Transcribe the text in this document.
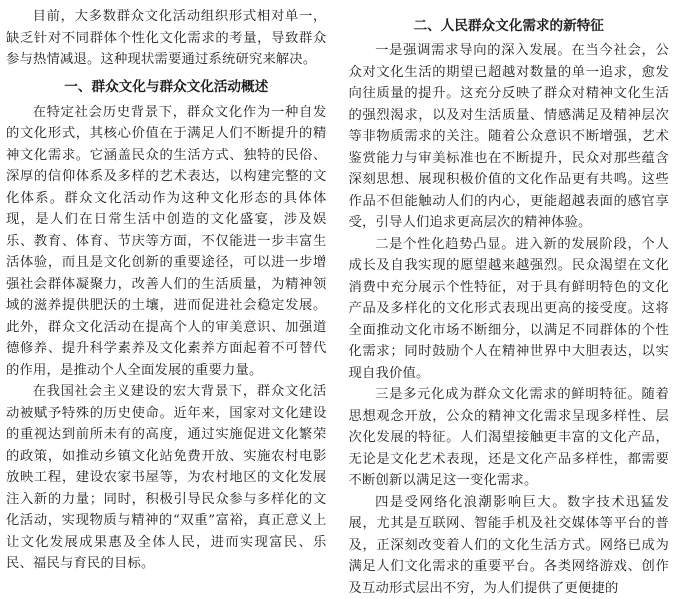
目前，大多数群众文化活动组织形式相对单一，缺乏针对不同群体个性化文化需求的考量，导致群众参与热情减退。这种现状需要通过系统研究来解决。

一、群众文化与群众文化活动概述

在特定社会历史背景下，群众文化作为一种自发的文化形式，其核心价值在于满足人们不断提升的精神文化需求。它涵盖民众的生活方式、独特的民俗、深厚的信仰体系及多样的艺术表达，以构建完整的文化体系。群众文化活动作为这种文化形态的具体体现，是人们在日常生活中创造的文化盛宴，涉及娱乐、教育、体育、节庆等方面，不仅能进一步丰富生活体验，而且是文化创新的重要途径，可以进一步增强社会群体凝聚力，改善人们的生活质量，为精神领域的滋养提供肥沃的土壤，进而促进社会稳定发展。此外，群众文化活动在提高个人的审美意识、加强道德修养、提升科学素养及文化素养方面起着不可替代的作用，是推动个人全面发展的重要力量。

在我国社会主义建设的宏大背景下，群众文化活动被赋予特殊的历史使命。近年来，国家对文化建设的重视达到前所未有的高度，通过实施促进文化繁荣的政策，如推动乡镇文化站免费开放、实施农村电影放映工程，建设农家书屋等，为农村地区的文化发展注入新的力量；同时，积极引导民众参与多样化的文化活动，实现物质与精神的“双重”富裕，真正意义上让文化发展成果惠及全体人民，进而实现富民、乐民、福民与育民的目标。

二、人民群众文化需求的新特征

一是强调需求导向的深入发展。在当今社会，公众对文化生活的期望已超越对数量的单一追求，愈发向往质量的提升。这充分反映了群众对精神文化生活的强烈渴求，以及对生活质量、情感满足及精神层次等非物质需求的关注。随着公众意识不断增强，艺术鉴赏能力与审美标准也在不断提升，民众对那些蕴含深刻思想、展现积极价值的文化作品更有共鸣。这些作品不但能触动人们的内心，更能超越表面的感官享受，引导人们追求更高层次的精神体验。

二是个性化趋势凸显。进入新的发展阶段，个人成长及自我实现的愿望越来越强烈。民众渴望在文化消费中充分展示个性特征，对于具有鲜明特色的文化产品及多样化的文化形式表现出更高的接受度。这将全面推动文化市场不断细分，以满足不同群体的个性化需求；同时鼓励个人在精神世界中大胆表达，以实现自我价值。

三是多元化成为群众文化需求的鲜明特征。随着思想观念开放，公众的精神文化需求呈现多样性、层次化发展的特征。人们渴望接触更丰富的文化产品，无论是文化艺术表现，还是文化产品多样性，都需要不断创新以满足这一变化需求。

四是受网络化浪潮影响巨大。数字技术迅猛发展，尤其是互联网、智能手机及社交媒体等平台的普及，正深刻改变着人们的文化生活方式。网络已成为满足人们文化需求的重要平台。各类网络游戏、创作及互动形式层出不穷，为人们提供了更便捷的
